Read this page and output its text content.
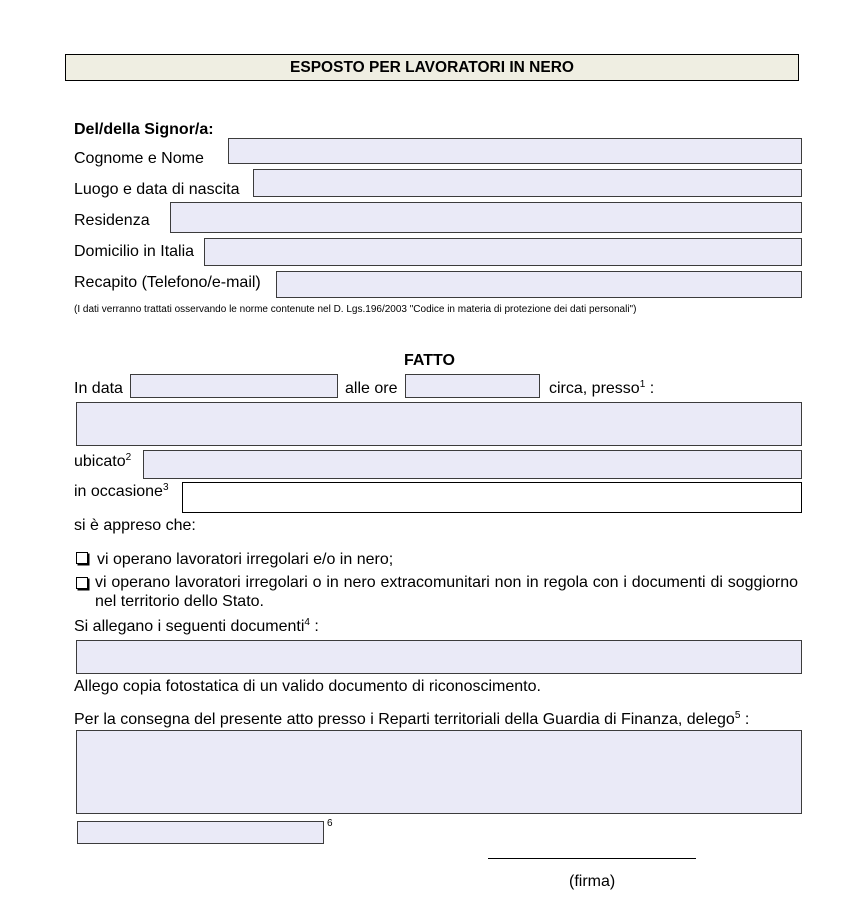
ESPOSTO PER LAVORATORI IN NERO
Del/della Signor/a:
Cognome e Nome
Luogo e data di nascita
Residenza
Domicilio in Italia
Recapito (Telefono/e-mail)
(I dati verranno trattati osservando le norme contenute nel D. Lgs.196/2003 "Codice in materia di protezione dei dati personali")
FATTO
In data	alle ore	circa, presso$^1$ :
ubicato$^2$
in occasione$^3$
si è appreso che:
vi operano lavoratori irregolari e/o in nero;
vi operano lavoratori irregolari o in nero extracomunitari non in regola con i documenti di soggiorno nel territorio dello Stato.
Si allegano i seguenti documenti$^4$ :
Allego copia fotostatica di un valido documento di riconoscimento.
Per la consegna del presente atto presso i Reparti territoriali della Guardia di Finanza, delego$^5$ :
6
(firma)
